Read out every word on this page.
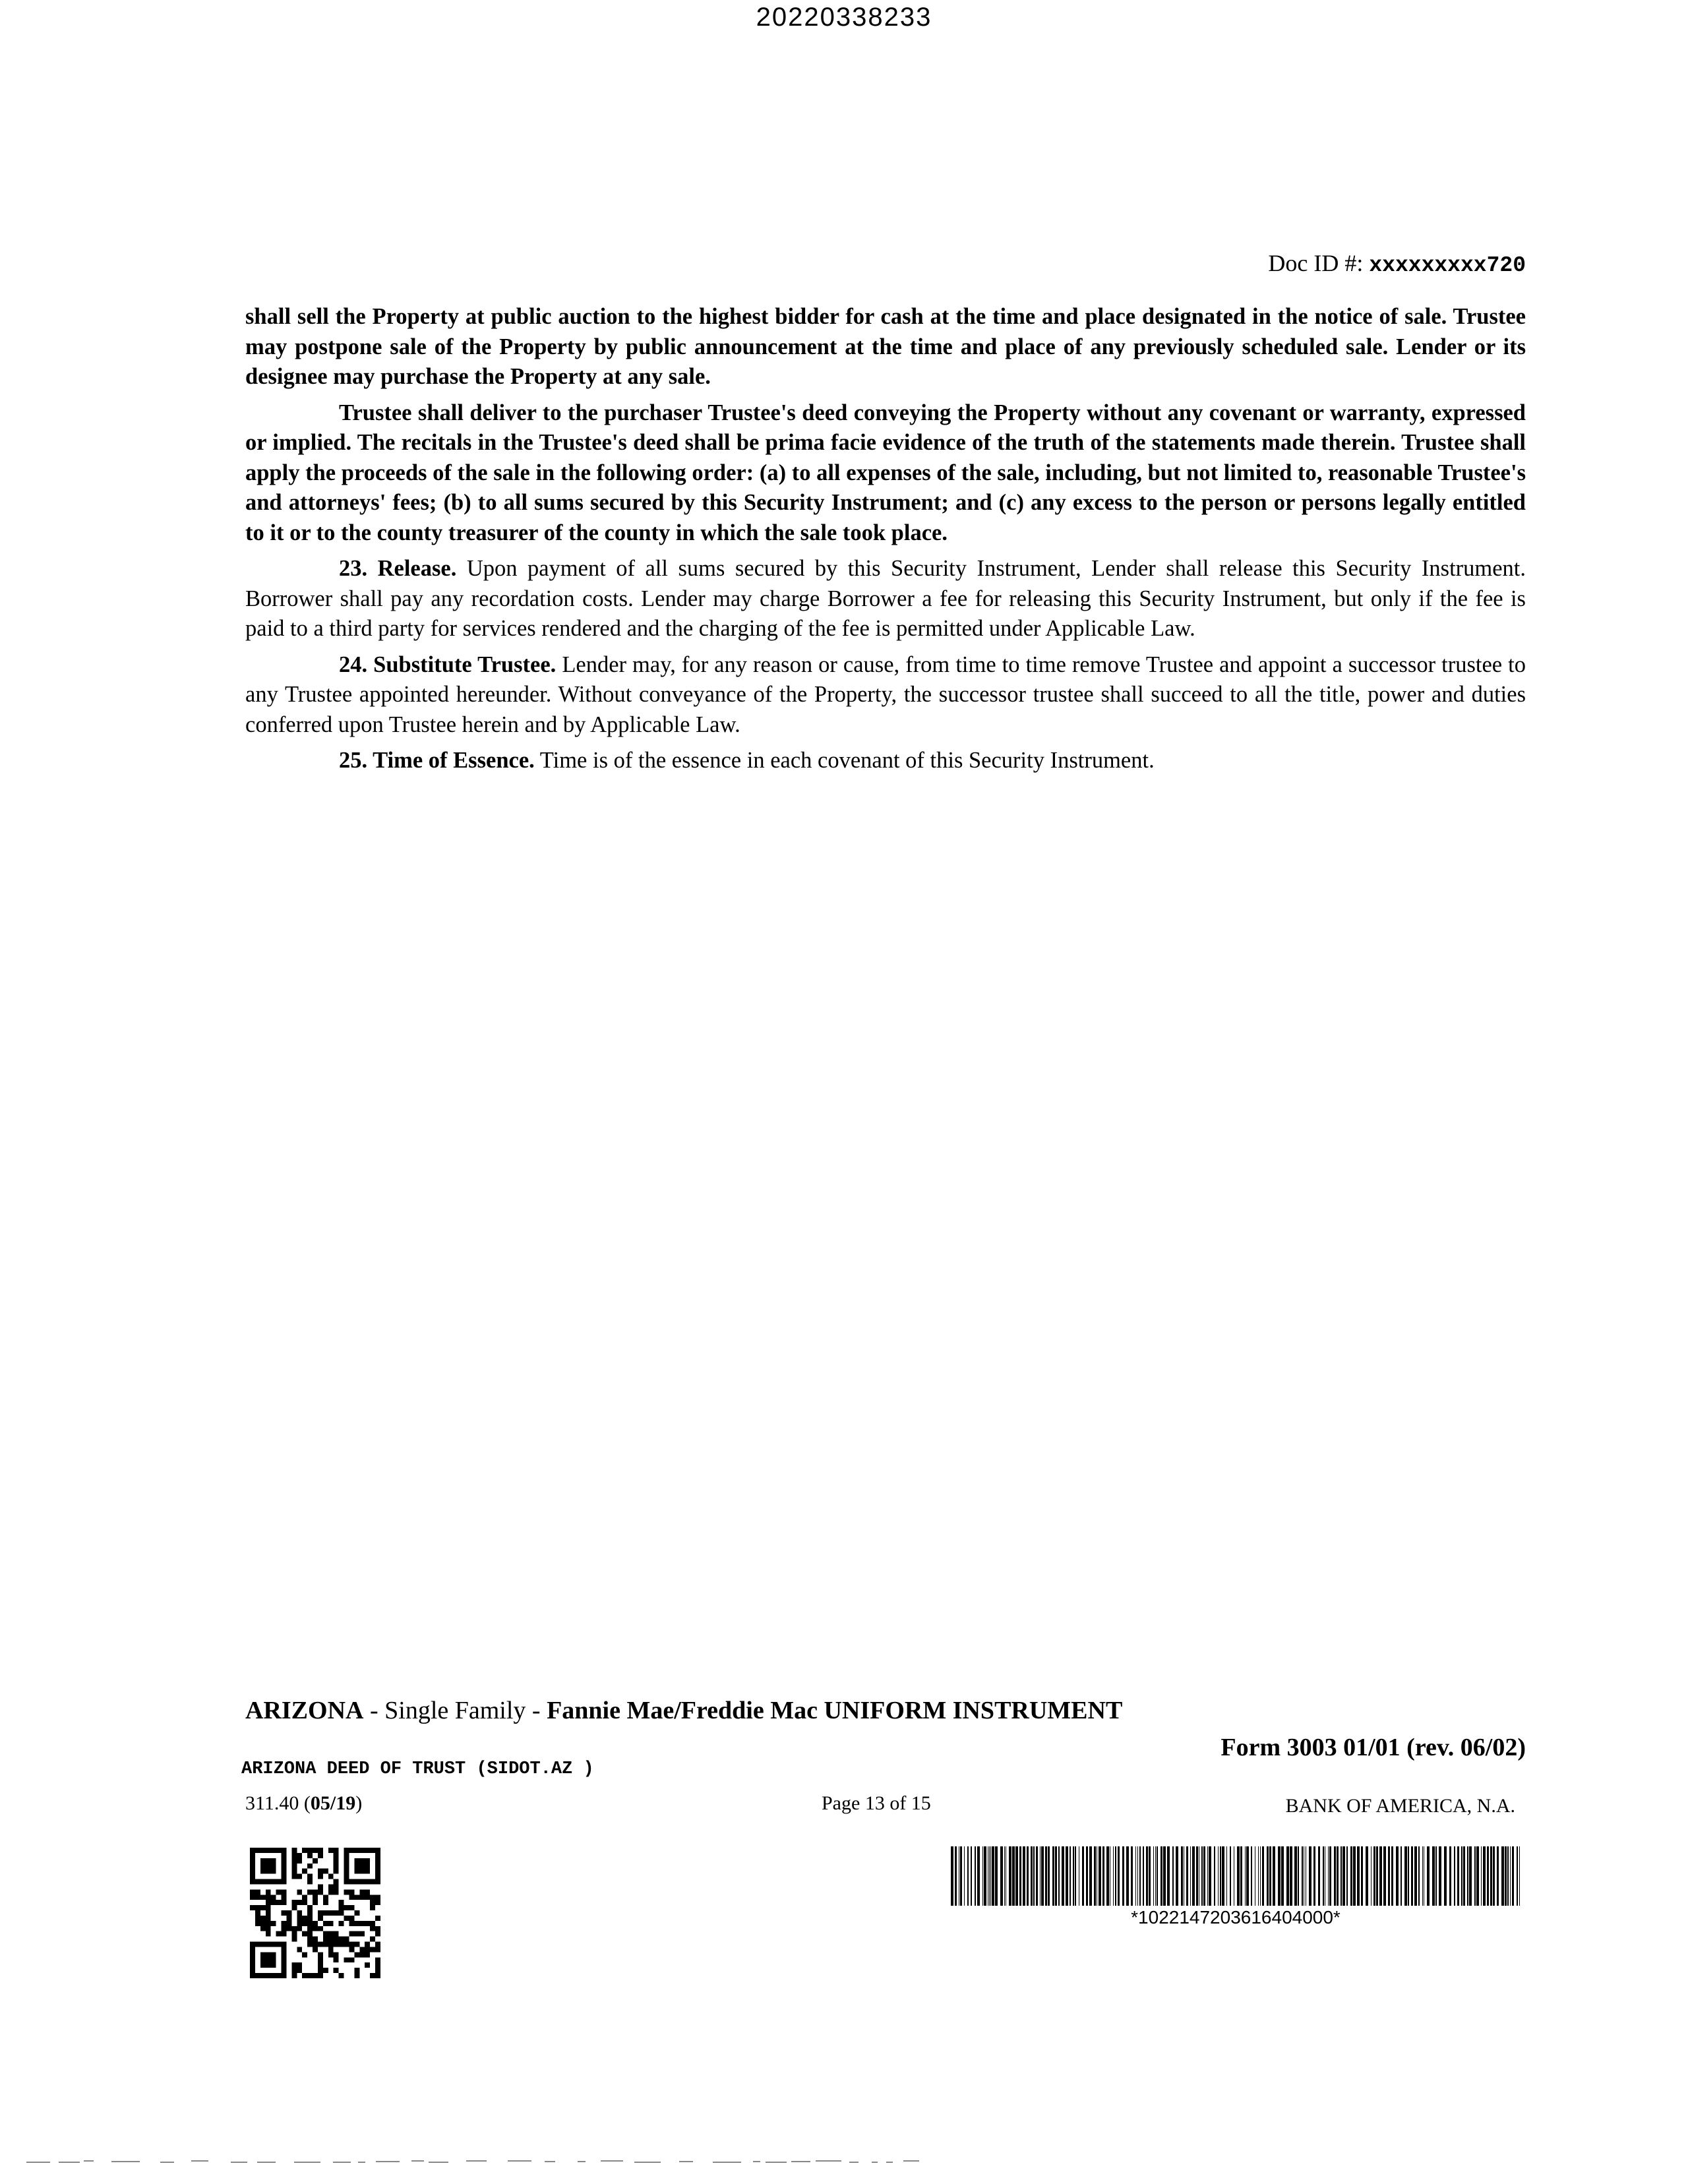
20220338233
Doc ID #: xxxxxxxxx720

shall sell the Property at public auction to the highest bidder for cash at the time and place designated in the notice of sale. Trustee may postpone sale of the Property by public announcement at the time and place of any previously scheduled sale. Lender or its designee may purchase the Property at any sale.

Trustee shall deliver to the purchaser Trustee's deed conveying the Property without any covenant or warranty, expressed or implied. The recitals in the Trustee's deed shall be prima facie evidence of the truth of the statements made therein. Trustee shall apply the proceeds of the sale in the following order: (a) to all expenses of the sale, including, but not limited to, reasonable Trustee's and attorneys' fees; (b) to all sums secured by this Security Instrument; and (c) any excess to the person or persons legally entitled to it or to the county treasurer of the county in which the sale took place.

23. Release. Upon payment of all sums secured by this Security Instrument, Lender shall release this Security Instrument. Borrower shall pay any recordation costs. Lender may charge Borrower a fee for releasing this Security Instrument, but only if the fee is paid to a third party for services rendered and the charging of the fee is permitted under Applicable Law.

24. Substitute Trustee. Lender may, for any reason or cause, from time to time remove Trustee and appoint a successor trustee to any Trustee appointed hereunder. Without conveyance of the Property, the successor trustee shall succeed to all the title, power and duties conferred upon Trustee herein and by Applicable Law.

25. Time of Essence. Time is of the essence in each covenant of this Security Instrument.

ARIZONA - Single Family - Fannie Mae/Freddie Mac UNIFORM INSTRUMENT
Form 3003 01/01 (rev. 06/02)
ARIZONA DEED OF TRUST (SIDOT.AZ )
311.40 (05/19)	Page 13 of 15	BANK OF AMERICA, N.A.
*1022147203616404000*
